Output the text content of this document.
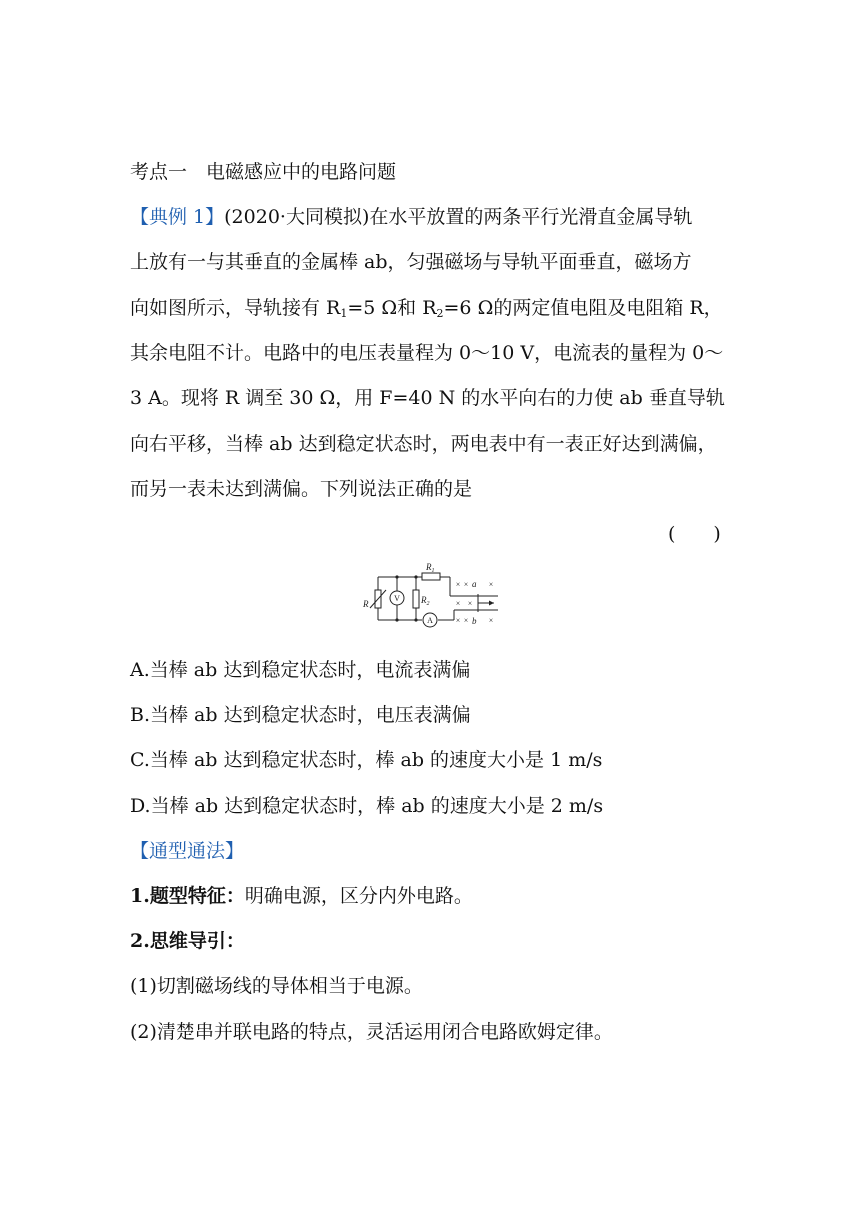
考点一　电磁感应中的电路问题
【典例 1】(2020·大同模拟)在水平放置的两条平行光滑直金属导轨
上放有一与其垂直的金属棒 ab，匀强磁场与导轨平面垂直，磁场方
向如图所示，导轨接有 $R_1=5$ Ω和 $R_2=6$ Ω的两定值电阻及电阻箱 R，
其余电阻不计。电路中的电压表量程为 0～10 V，电流表的量程为 0～
3 A。现将 R 调至 30 Ω，用 F=40 N 的水平向右的力使 ab 垂直导轨
向右平移，当棒 ab 达到稳定状态时，两电表中有一表正好达到满偏，
而另一表未达到满偏。下列说法正确的是
(　　)
$R_1$
$R_2$
R
a
b
V
A
× ×	×
× ×
× ×	×
A.当棒 ab 达到稳定状态时，电流表满偏
B.当棒 ab 达到稳定状态时，电压表满偏
C.当棒 ab 达到稳定状态时，棒 ab 的速度大小是 1 m/s
D.当棒 ab 达到稳定状态时，棒 ab 的速度大小是 2 m/s
【通型通法】
1.题型特征：明确电源，区分内外电路。
2.思维导引：
(1)切割磁场线的导体相当于电源。
(2)清楚串并联电路的特点，灵活运用闭合电路欧姆定律。
